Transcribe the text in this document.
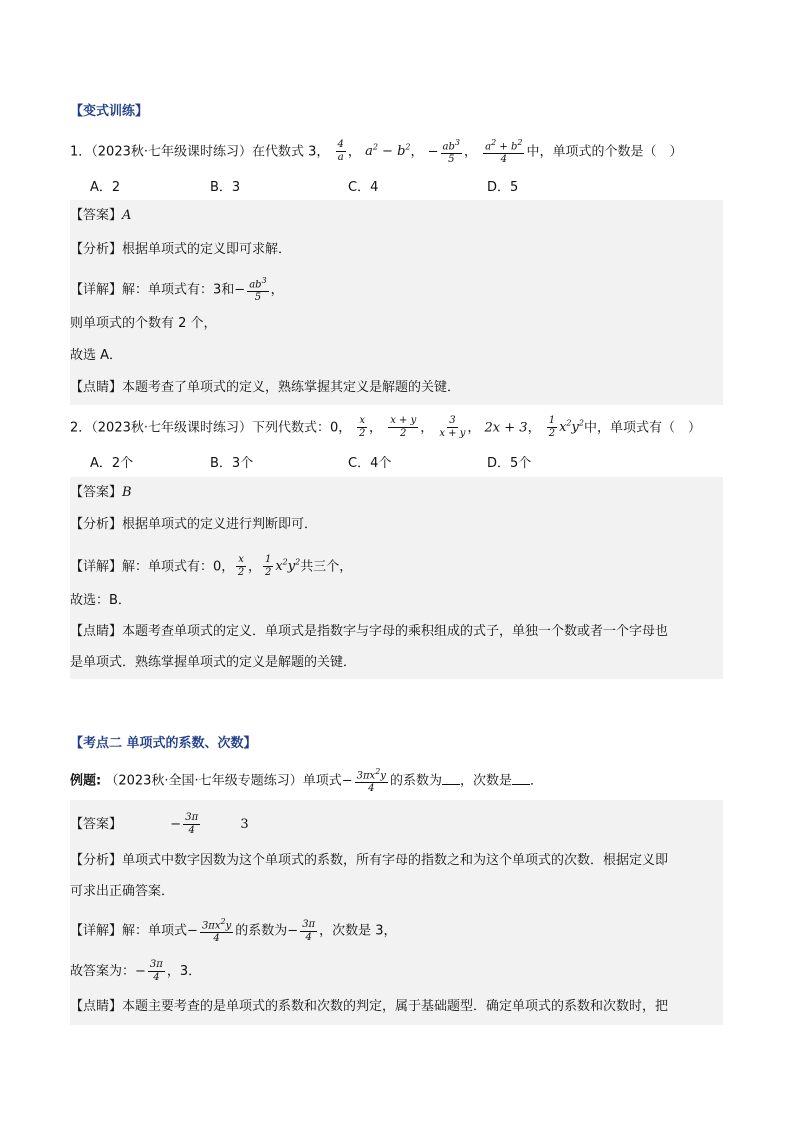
【变式训练】
1．（2023秋·七年级课时练习）在代数式 3， $\frac{4}{a}$ ， $a^2 - b^2$， − $\frac{ab^3}{5}$ ， $\frac{a^2 + b^2}{4}$ 中，单项式的个数是（　）
A．2	B．3	C．4	D．5
【答案】A
【分析】根据单项式的定义即可求解．
【详解】解：单项式有：3和− $\frac{ab^3}{5}$ ，
则单项式的个数有 2 个，
故选 A．
【点睛】本题考查了单项式的定义，熟练掌握其定义是解题的关键．
2．（2023秋·七年级课时练习）下列代数式：0， $\frac{x}{2}$ ， $\frac{x + y}{2}$ ， $\frac{3}{x + y}$ ， 2x + 3， $\frac{1}{2} x^2y^2$中，单项式有（　）
A．2个	B．3个	C．4个	D．5个
【答案】B
【分析】根据单项式的定义进行判断即可．
【详解】解：单项式有：0， $\frac{x}{2}$ ， $\frac{1}{2} x^2y^2$共三个，
故选：B．
【点睛】本题考查单项式的定义．单项式是指数字与字母的乘积组成的式子，单独一个数或者一个字母也
是单项式．熟练掌握单项式的定义是解题的关键．
【考点二 单项式的系数、次数】
例题: （2023秋·全国·七年级专题练习）单项式− $\frac{3\pi x^2y}{4}$ 的系数为 ，次数是 ．
【答案】	− $\frac{3\pi}{4}$	3
【分析】单项式中数字因数为这个单项式的系数，所有字母的指数之和为这个单项式的次数．根据定义即
可求出正确答案．
【详解】解：单项式− $\frac{3\pi x^2y}{4}$ 的系数为− $\frac{3\pi}{4}$ ，次数是 3，
故答案为：− $\frac{3\pi}{4}$ ，3．
【点睛】本题主要考查的是单项式的系数和次数的判定，属于基础题型．确定单项式的系数和次数时，把
